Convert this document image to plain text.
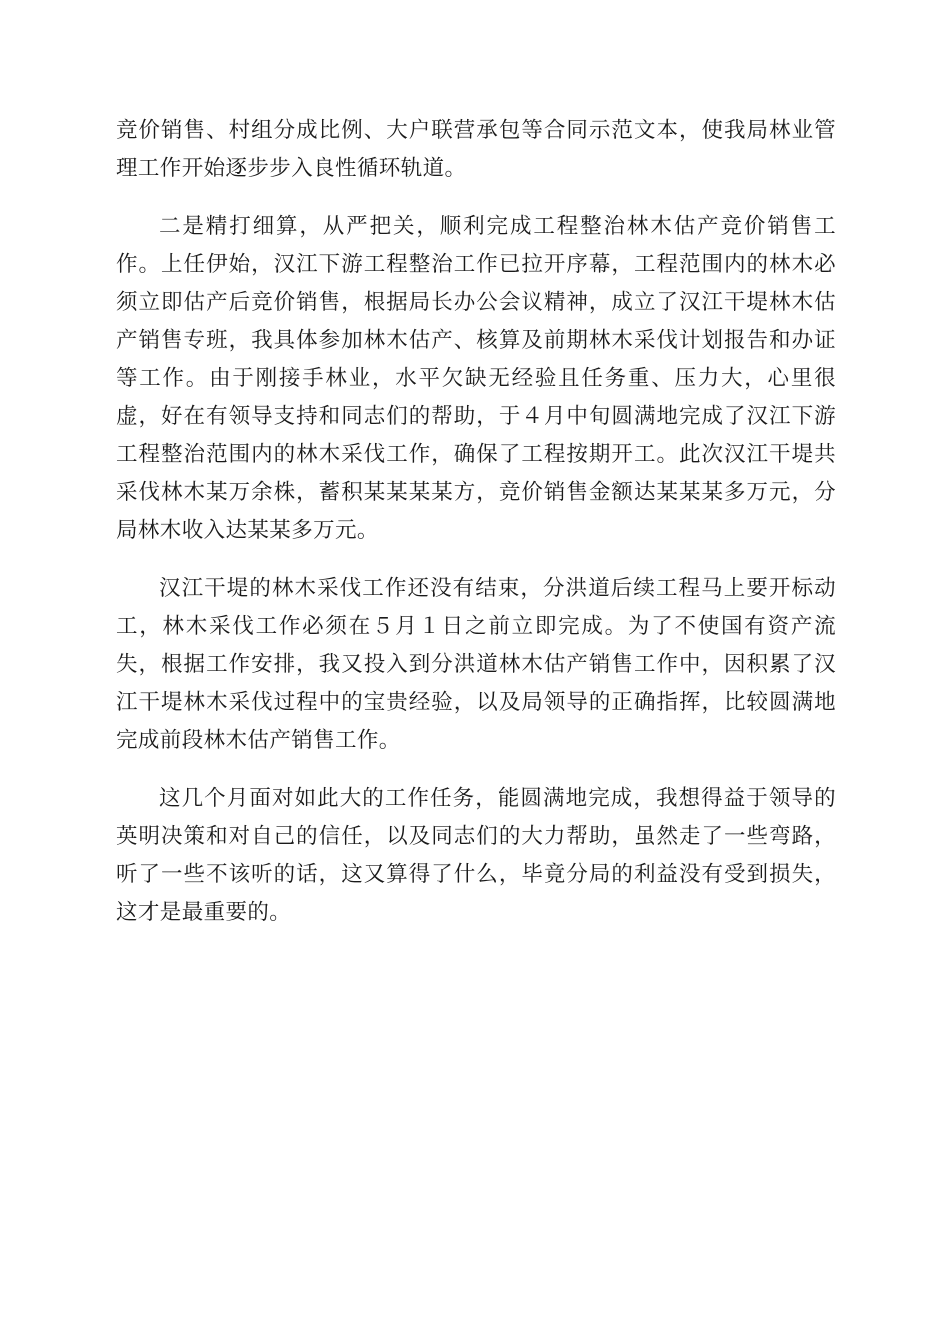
竞价销售、村组分成比例、大户联营承包等合同示范文本，使我局林业管理工作开始逐步步入良性循环轨道。

二是精打细算，从严把关，顺利完成工程整治林木估产竞价销售工作。上任伊始，汉江下游工程整治工作已拉开序幕，工程范围内的林木必须立即估产后竞价销售，根据局长办公会议精神，成立了汉江干堤林木估产销售专班，我具体参加林木估产、核算及前期林木采伐计划报告和办证等工作。由于刚接手林业，水平欠缺无经验且任务重、压力大，心里很虚，好在有领导支持和同志们的帮助，于４月中旬圆满地完成了汉江下游工程整治范围内的林木采伐工作，确保了工程按期开工。此次汉江干堤共采伐林木某万余株，蓄积某某某某方，竞价销售金额达某某某多万元，分局林木收入达某某多万元。

汉江干堤的林木采伐工作还没有结束，分洪道后续工程马上要开标动工，林木采伐工作必须在５月１日之前立即完成。为了不使国有资产流失，根据工作安排，我又投入到分洪道林木估产销售工作中，因积累了汉江干堤林木采伐过程中的宝贵经验，以及局领导的正确指挥，比较圆满地完成前段林木估产销售工作。

这几个月面对如此大的工作任务，能圆满地完成，我想得益于领导的英明决策和对自己的信任，以及同志们的大力帮助，虽然走了一些弯路，听了一些不该听的话，这又算得了什么，毕竟分局的利益没有受到损失，这才是最重要的。
